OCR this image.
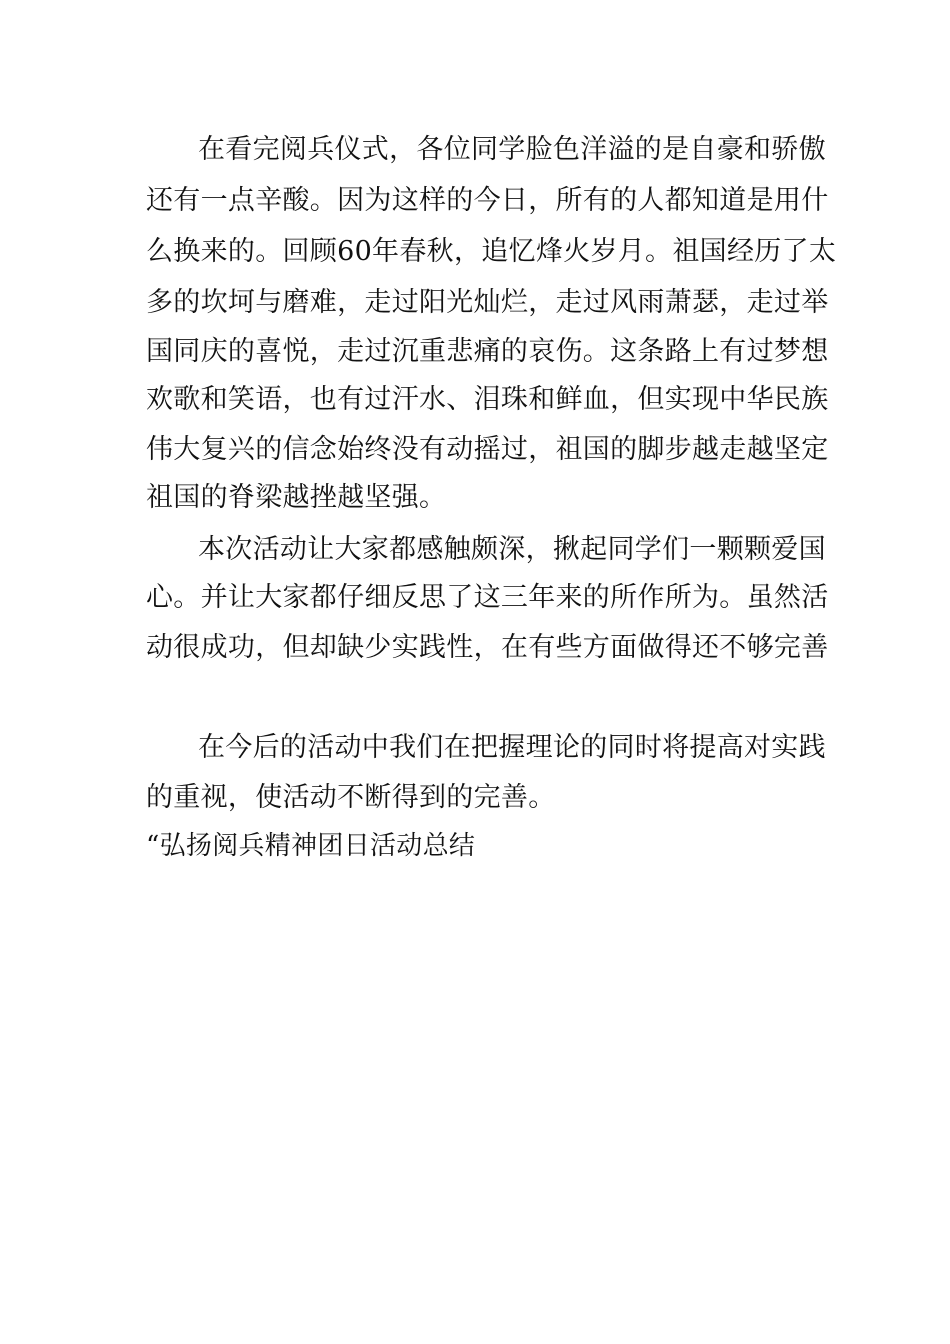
在看完阅兵仪式，各位同学脸色洋溢的是自豪和骄傲
还有一点辛酸。因为这样的今日，所有的人都知道是用什
么换来的。回顾60年春秋，追忆烽火岁月。祖国经历了太
多的坎坷与磨难，走过阳光灿烂，走过风雨萧瑟，走过举
国同庆的喜悦，走过沉重悲痛的哀伤。这条路上有过梦想
欢歌和笑语，也有过汗水、泪珠和鲜血，但实现中华民族
伟大复兴的信念始终没有动摇过，祖国的脚步越走越坚定
祖国的脊梁越挫越坚强。
本次活动让大家都感触颇深，揪起同学们一颗颗爱国
心。并让大家都仔细反思了这三年来的所作所为。虽然活
动很成功，但却缺少实践性，在有些方面做得还不够完善
在今后的活动中我们在把握理论的同时将提高对实践
的重视，使活动不断得到的完善。
“弘扬阅兵精神团日活动总结
